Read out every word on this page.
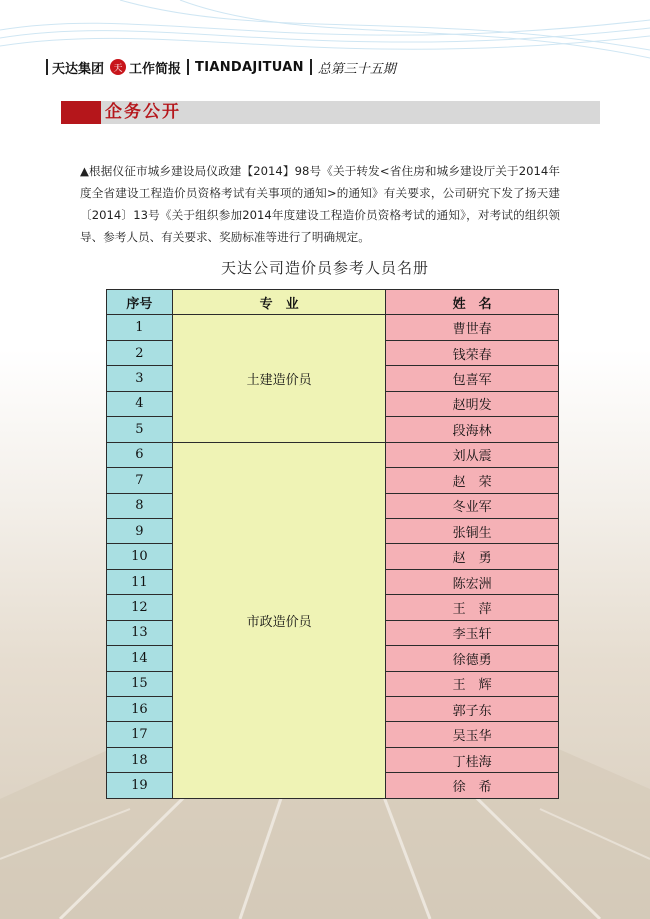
天达集团	天 工作简报 TIANDAJITUAN 总第三十五期
企务公开
▲根据仪征市城乡建设局仪政建【2014】98号《关于转发<省住房和城乡建设厅关于2014年度全省建设工程造价员资格考试有关事项的通知>的通知》有关要求，公司研究下发了扬天建〔2014〕13号《关于组织参加2014年度建设工程造价员资格考试的通知》，对考试的组织领导、参考人员、有关要求、奖励标准等进行了明确规定。
天达公司造价员参考人员名册
序号	专　业	姓　名
1	土建造价员	曹世春
2		钱荣春
3		包喜军
4		赵明发
5		段海林
6	市政造价员	刘从震
7		赵　荣
8		冬业军
9		张铜生
10		赵　勇
11		陈宏洲
12		王　萍
13		李玉轩
14		徐德勇
15		王　辉
16		郭子东
17		吴玉华
18		丁桂海
19		徐　希
